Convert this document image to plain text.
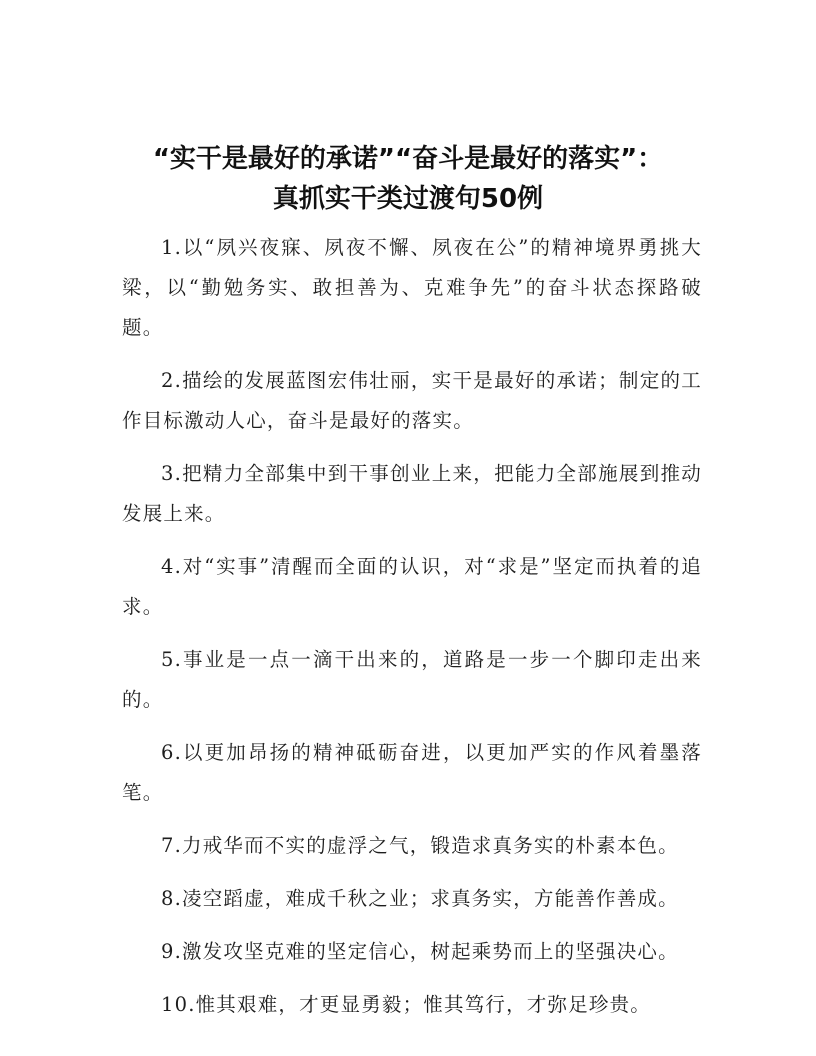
“实干是最好的承诺”“奋斗是最好的落实”：
真抓实干类过渡句50例

1.以“夙兴夜寐、夙夜不懈、夙夜在公”的精神境界勇挑大梁，以“勤勉务实、敢担善为、克难争先”的奋斗状态探路破题。

2.描绘的发展蓝图宏伟壮丽，实干是最好的承诺；制定的工作目标激动人心，奋斗是最好的落实。

3.把精力全部集中到干事创业上来，把能力全部施展到推动发展上来。

4.对“实事”清醒而全面的认识，对“求是”坚定而执着的追求。

5.事业是一点一滴干出来的，道路是一步一个脚印走出来的。

6.以更加昂扬的精神砥砺奋进，以更加严实的作风着墨落笔。

7.力戒华而不实的虚浮之气，锻造求真务实的朴素本色。

8.凌空蹈虚，难成千秋之业；求真务实，方能善作善成。

9.激发攻坚克难的坚定信心，树起乘势而上的坚强决心。

10.惟其艰难，才更显勇毅；惟其笃行，才弥足珍贵。
